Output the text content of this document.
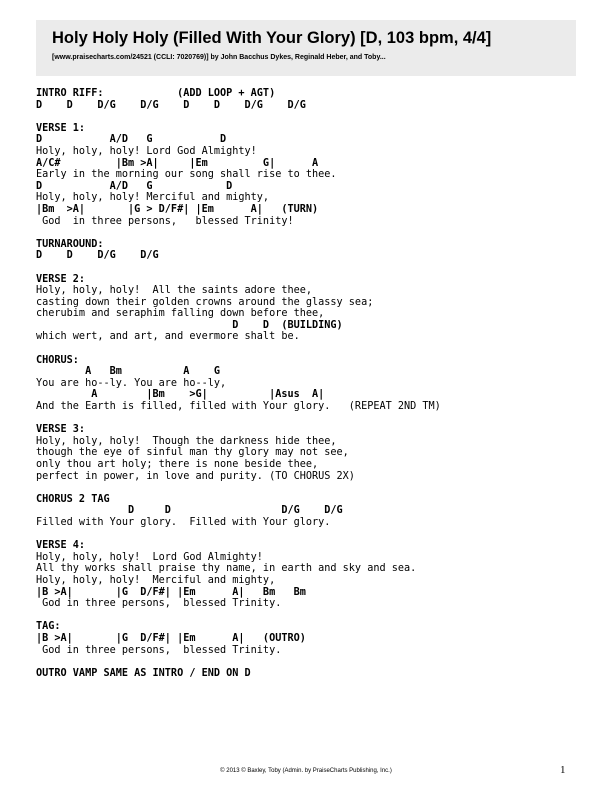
Holy Holy Holy (Filled With Your Glory) [D, 103 bpm, 4/4]
[www.praisecharts.com/24521 (CCLI: 7020769)] by John Bacchus Dykes, Reginald Heber, and Toby...
INTRO RIFF:            (ADD LOOP + AGT)
D    D    D/G    D/G    D    D    D/G    D/G
VERSE 1:
D           A/D   G           D
Holy, holy, holy! Lord God Almighty!
A/C#         |Bm >A|     |Em         G|      A
Early in the morning our song shall rise to thee.
D           A/D   G            D
Holy, holy, holy! Merciful and mighty,
|Bm  >A|       |G > D/F#| |Em      A|   (TURN)
God  in three persons,   blessed Trinity!
TURNAROUND:
D    D    D/G    D/G
VERSE 2:
Holy, holy, holy!  All the saints adore thee,
casting down their golden crowns around the glassy sea;
cherubim and seraphim falling down before thee,
D    D  (BUILDING)
which wert, and art, and evermore shalt be.
CHORUS:
A   Bm          A    G
You are ho--ly. You are ho--ly,
A        |Bm    >G|          |Asus  A|
And the Earth is filled, filled with Your glory.   (REPEAT 2ND TM)
VERSE 3:
Holy, holy, holy!  Though the darkness hide thee,
though the eye of sinful man thy glory may not see,
only thou art holy; there is none beside thee,
perfect in power, in love and purity. (TO CHORUS 2X)
CHORUS 2 TAG
D     D                  D/G    D/G
Filled with Your glory.  Filled with Your glory.
VERSE 4:
Holy, holy, holy!  Lord God Almighty!
All thy works shall praise thy name, in earth and sky and sea.
Holy, holy, holy!  Merciful and mighty,
|B >A|       |G  D/F#| |Em      A|   Bm   Bm
God in three persons,  blessed Trinity.
TAG:
|B >A|       |G  D/F#| |Em      A|   (OUTRO)
God in three persons,  blessed Trinity.
OUTRO VAMP SAME AS INTRO / END ON D
© 2013 © Baxley, Toby (Admin. by PraiseCharts Publishing, Inc.)	1
